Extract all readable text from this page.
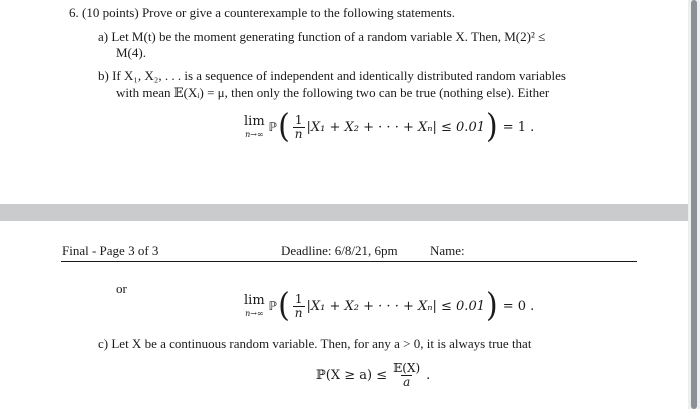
6. (10 points) Prove or give a counterexample to the following statements.
a) Let M(t) be the moment generating function of a random variable X. Then, M(2)² ≤
M(4).
b) If X₁, X₂, . . . is a sequence of independent and identically distributed random variables
with mean 𝔼(Xᵢ) = μ, then only the following two can be true (nothing else). Either
lim
n→∞
ℙ ( $\frac{1}{n} |X_1 + X_2$ + · · · + Xₙ| ≤ 0.01 ) = 1 .
Final - Page 3 of 3	Deadline: 6/8/21, 6pm Name:
or
lim
n→∞
ℙ ( $\frac{1}{n} |X_1 + X_2$ + · · · + Xₙ| ≤ 0.01 ) = 0 .
c) Let X be a continuous random variable. Then, for any a > 0, it is always true that
ℙ(X ≥ $a) \le \frac{\text{𝔼(X)}}{a}$ .
